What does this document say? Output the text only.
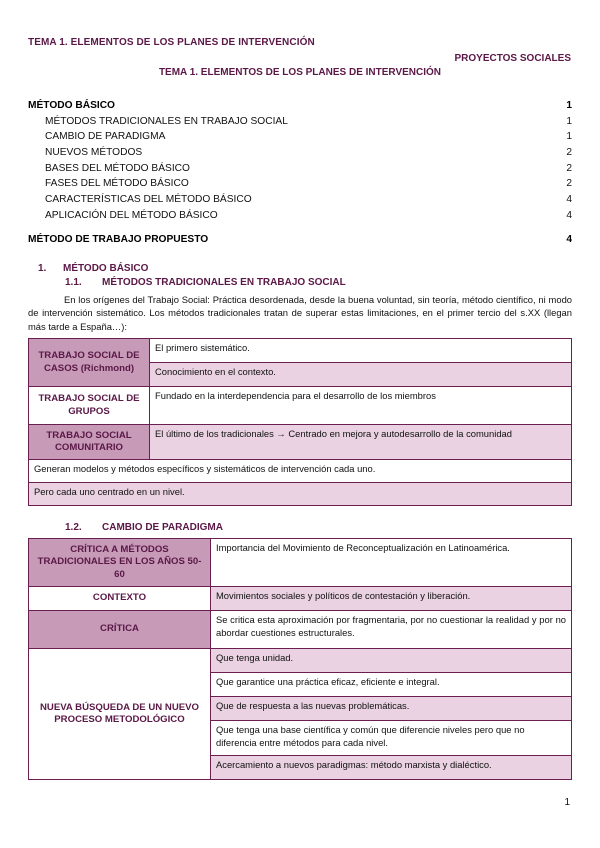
TEMA 1. ELEMENTOS DE LOS PLANES DE INTERVENCIÓN
PROYECTOS SOCIALES
TEMA 1. ELEMENTOS DE LOS PLANES DE INTERVENCIÓN
MÉTODO BÁSICO	1
MÉTODOS TRADICIONALES EN TRABAJO SOCIAL	1
CAMBIO DE PARADIGMA	1
NUEVOS MÉTODOS	2
BASES DEL MÉTODO BÁSICO	2
FASES DEL MÉTODO BÁSICO	2
CARACTERÍSTICAS DEL MÉTODO BÁSICO	4
APLICACIÓN DEL MÉTODO BÁSICO	4
MÉTODO DE TRABAJO PROPUESTO	4
1. MÉTODO BÁSICO
1.1. MÉTODOS TRADICIONALES EN TRABAJO SOCIAL

En los orígenes del Trabajo Social: Práctica desordenada, desde la buena voluntad, sin teoría, método científico, ni modo de intervención sistemático. Los métodos tradicionales tratan de superar estas limitaciones, en el primer tercio del s.XX (llegan más tarde a España…):

TRABAJO SOCIAL DE CASOS (Richmond)	El primero sistemático.
	Conocimiento en el contexto.
TRABAJO SOCIAL DE GRUPOS	Fundado en la interdependencia para el desarrollo de los miembros
TRABAJO SOCIAL COMUNITARIO	El último de los tradicionales → Centrado en mejora y autodesarrollo de la comunidad
Generan modelos y métodos específicos y sistemáticos de intervención cada uno.	
Pero cada uno centrado en un nivel.	
1.2. CAMBIO DE PARADIGMA
CRÍTICA A MÉTODOS TRADICIONALES EN LOS AÑOS 50-60	Importancia del Movimiento de Reconceptualización en Latinoamérica.
CONTEXTO	Movimientos sociales y políticos de contestación y liberación.
CRÍTICA	Se critica esta aproximación por fragmentaria, por no cuestionar la realidad y por no abordar cuestiones estructurales.
NUEVA BÚSQUEDA DE UN NUEVO PROCESO METODOLÓGICO	Que tenga unidad.
	Que garantice una práctica eficaz, eficiente e integral.
	Que de respuesta a las nuevas problemáticas.
	Que tenga una base científica y común que diferencie niveles pero que no diferencia entre métodos para cada nivel.
	Acercamiento a nuevos paradigmas: método marxista y dialéctico.
1
